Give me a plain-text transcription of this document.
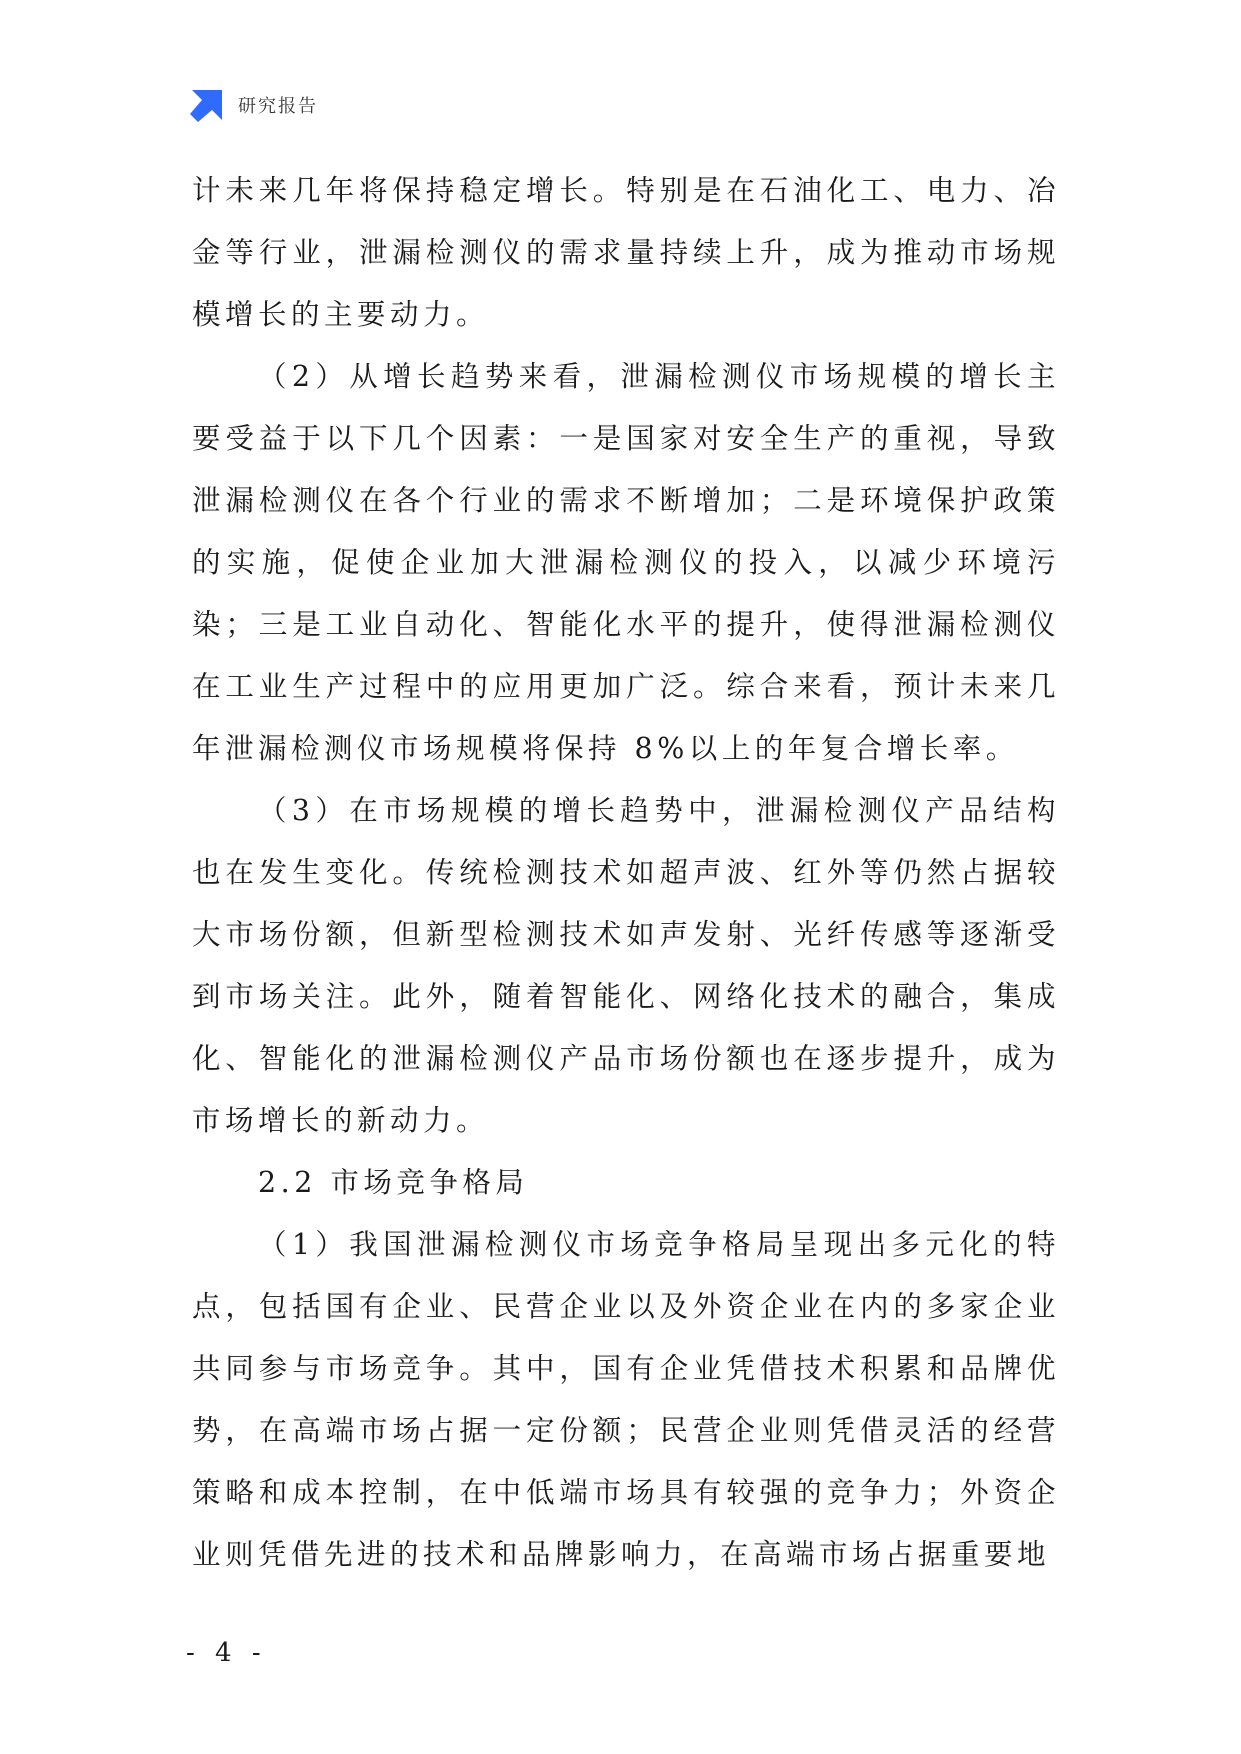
研究报告

计未来几年将保持稳定增长。特别是在石油化工、电力、冶金等行业，泄漏检测仪的需求量持续上升，成为推动市场规模增长的主要动力。

（2）从增长趋势来看，泄漏检测仪市场规模的增长主要受益于以下几个因素：一是国家对安全生产的重视，导致泄漏检测仪在各个行业的需求不断增加；二是环境保护政策的实施，促使企业加大泄漏检测仪的投入，以减少环境污染；三是工业自动化、智能化水平的提升，使得泄漏检测仪在工业生产过程中的应用更加广泛。综合来看，预计未来几年泄漏检测仪市场规模将保持 8%以上的年复合增长率。

（3）在市场规模的增长趋势中，泄漏检测仪产品结构也在发生变化。传统检测技术如超声波、红外等仍然占据较大市场份额，但新型检测技术如声发射、光纤传感等逐渐受到市场关注。此外，随着智能化、网络化技术的融合，集成化、智能化的泄漏检测仪产品市场份额也在逐步提升，成为市场增长的新动力。

2.2 市场竞争格局

（1）我国泄漏检测仪市场竞争格局呈现出多元化的特点，包括国有企业、民营企业以及外资企业在内的多家企业共同参与市场竞争。其中，国有企业凭借技术积累和品牌优势，在高端市场占据一定份额；民营企业则凭借灵活的经营策略和成本控制，在中低端市场具有较强的竞争力；外资企业则凭借先进的技术和品牌影响力，在高端市场占据重要地

- 4 -
